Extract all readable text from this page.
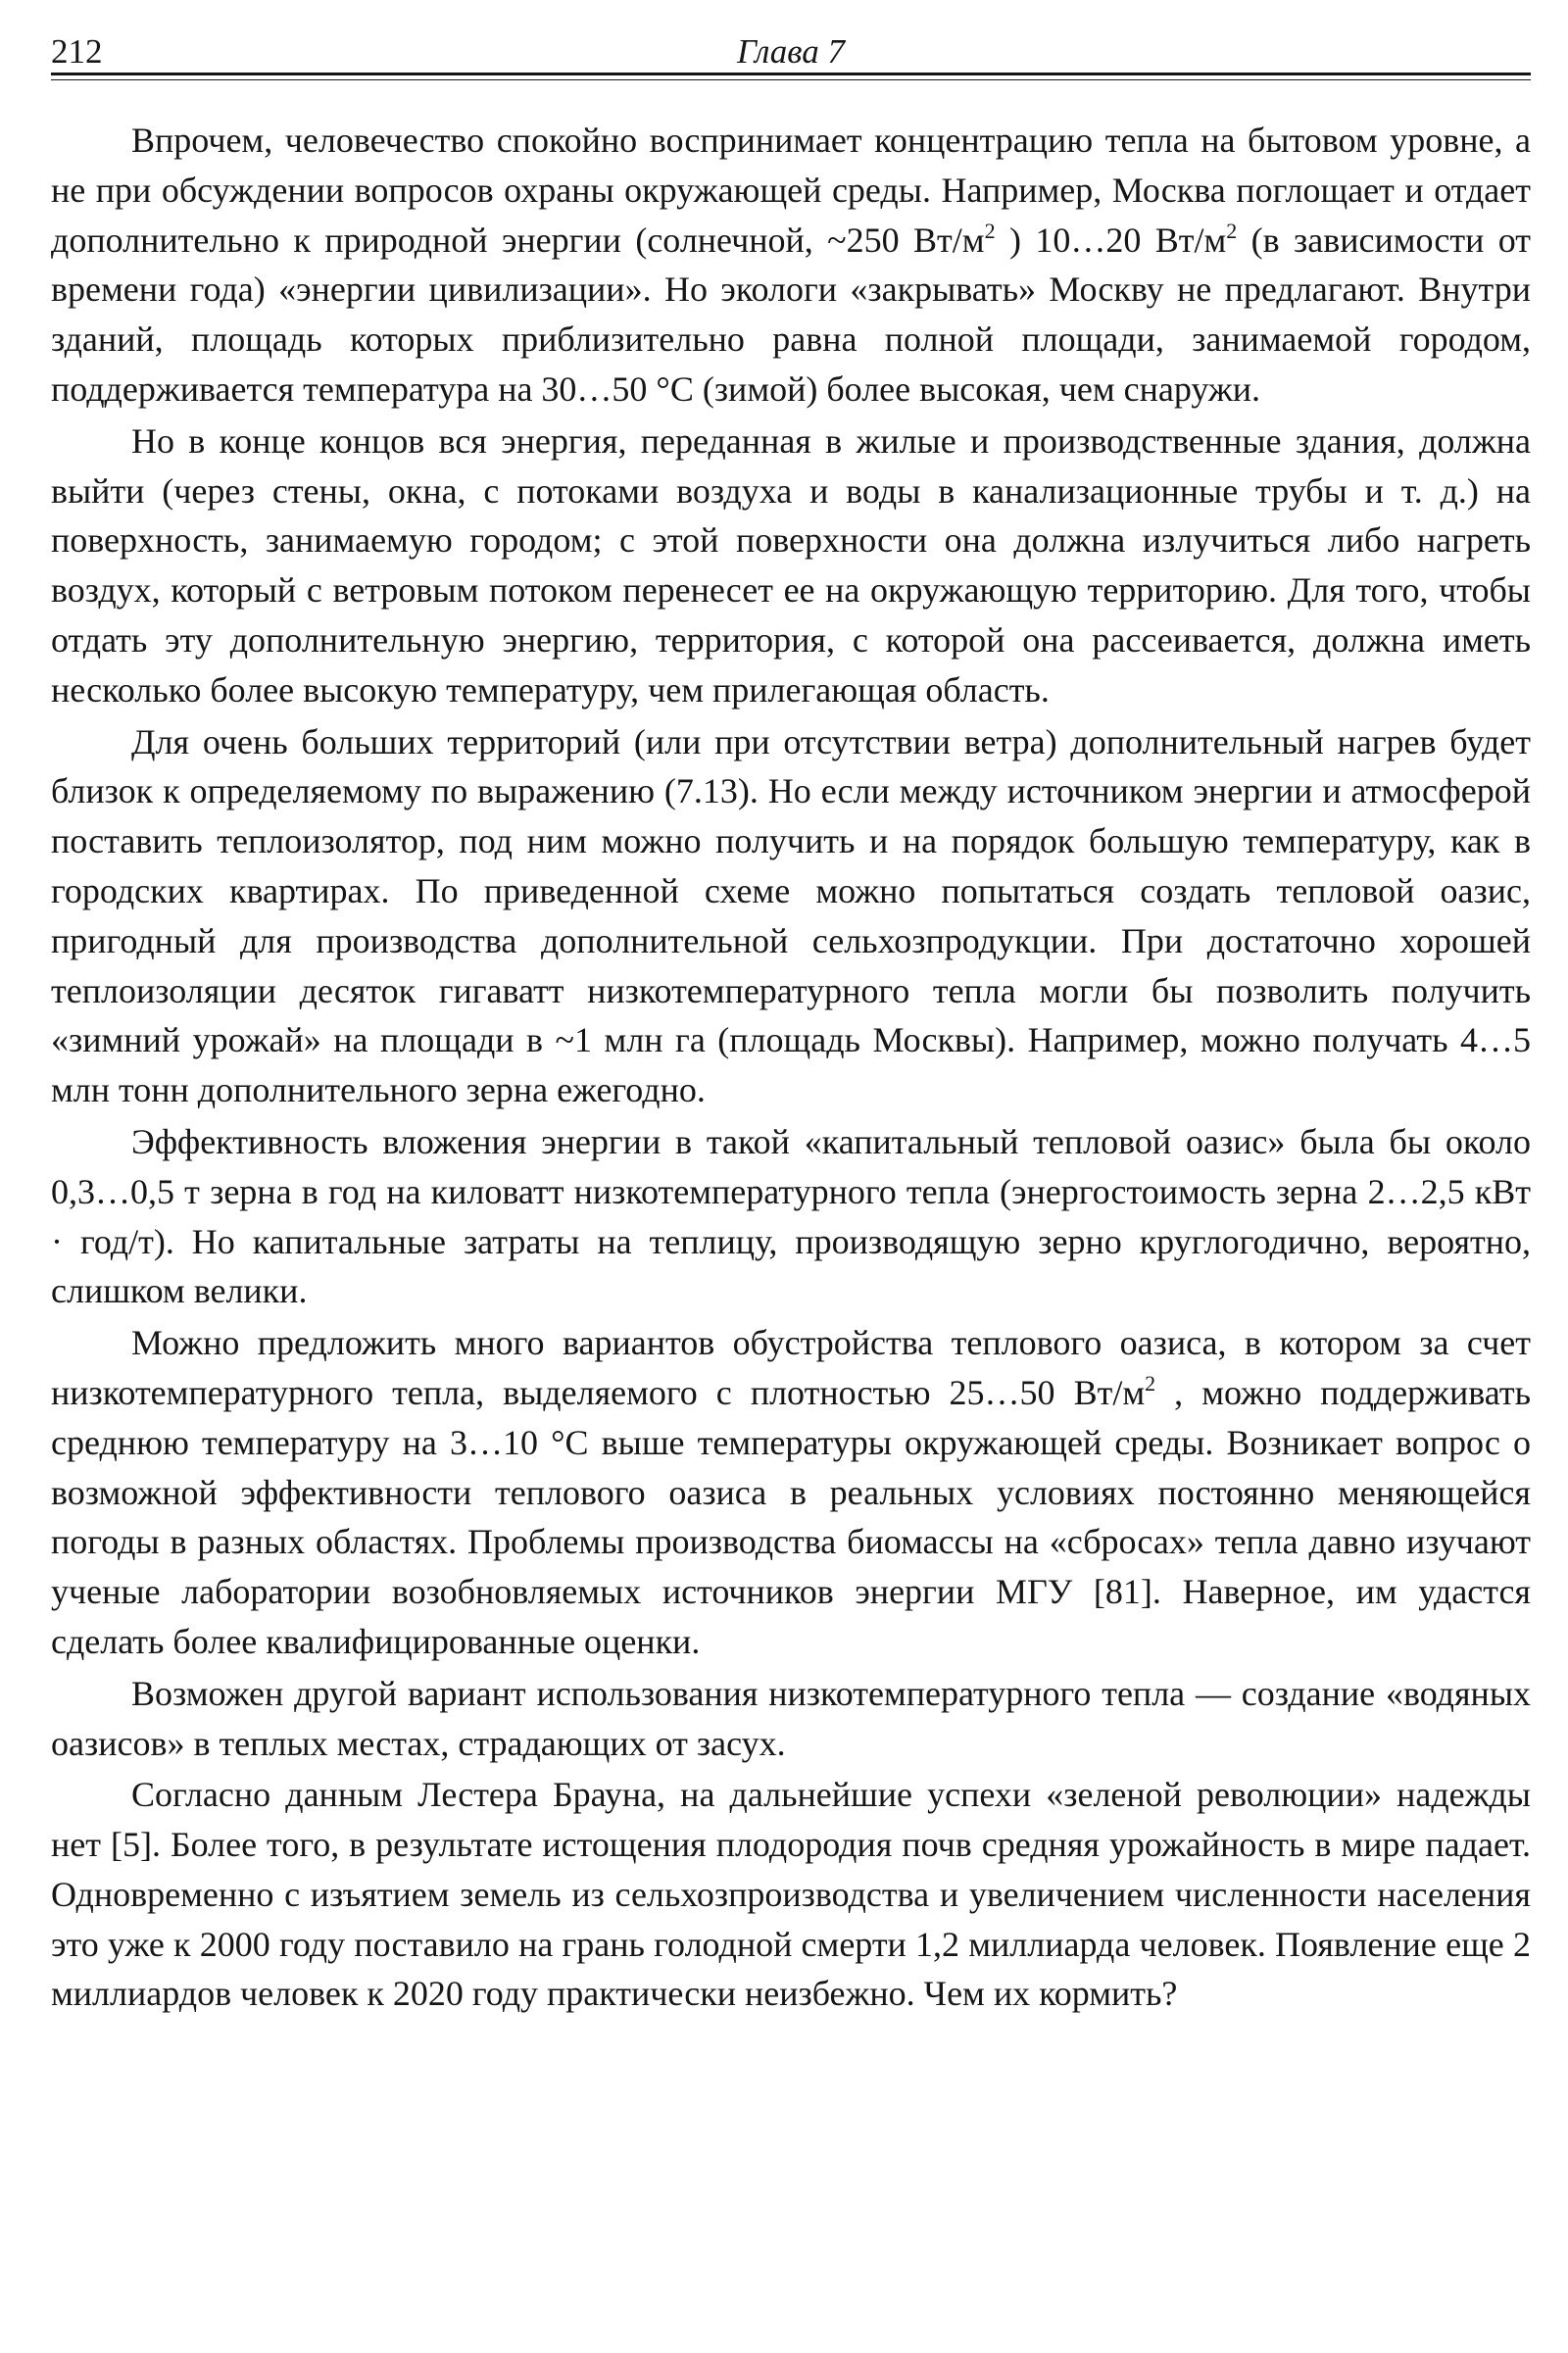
212	Глава 7

Впрочем, человечество спокойно воспринимает концентрацию тепла на бытовом уровне, а не при обсуждении вопросов охраны окружающей среды. Например, Москва поглощает и отдает дополнительно к природной энергии (солнечной, ~250 $Вт/м^2$ ) 10…20 $Вт/м^2$ (в зависимости от времени года) «энергии цивилизации». Но экологи «закрывать» Москву не предлагают. Внутри зданий, площадь которых приблизительно равна полной площади, занимаемой городом, поддерживается температура на 30…50 °С (зимой) более высокая, чем снаружи.

Но в конце концов вся энергия, переданная в жилые и производственные здания, должна выйти (через стены, окна, с потоками воздуха и воды в канализационные трубы и т. д.) на поверхность, занимаемую городом; с этой поверхности она должна излучиться либо нагреть воздух, который с ветровым потоком перенесет ее на окружающую территорию. Для того, чтобы отдать эту дополнительную энергию, территория, с которой она рассеивается, должна иметь несколько более высокую температуру, чем прилегающая область.

Для очень больших территорий (или при отсутствии ветра) дополнительный нагрев будет близок к определяемому по выражению (7.13). Но если между источником энергии и атмосферой поставить теплоизолятор, под ним можно получить и на порядок большую температуру, как в городских квартирах. По приведенной схеме можно попытаться создать тепловой оазис, пригодный для производства дополнительной сельхозпродукции. При достаточно хорошей теплоизоляции десяток гигаватт низкотемпературного тепла могли бы позволить получить «зимний урожай» на площади в ~1 млн га (площадь Москвы). Например, можно получать 4…5 млн тонн дополнительного зерна ежегодно.

Эффективность вложения энергии в такой «капитальный тепловой оазис» была бы около 0,3…0,5 т зерна в год на киловатт низкотемпературного тепла (энергостоимость зерна 2…2,5 кВт · год/т). Но капитальные затраты на теплицу, производящую зерно круглогодично, вероятно, слишком велики.

Можно предложить много вариантов обустройства теплового оазиса, в котором за счет низкотемпературного тепла, выделяемого с плотностью 25…50 $Вт/м^2$ , можно поддерживать среднюю температуру на 3…10 °С выше температуры окружающей среды. Возникает вопрос о возможной эффективности теплового оазиса в реальных условиях постоянно меняющейся погоды в разных областях. Проблемы производства биомассы на «сбросах» тепла давно изучают ученые лаборатории возобновляемых источников энергии МГУ [81]. Наверное, им удастся сделать более квалифицированные оценки.

Возможен другой вариант использования низкотемпературного тепла — создание «водяных оазисов» в теплых местах, страдающих от засух.

Согласно данным Лестера Брауна, на дальнейшие успехи «зеленой революции» надежды нет [5]. Более того, в результате истощения плодородия почв средняя урожайность в мире падает. Одновременно с изъятием земель из сельхозпроизводства и увеличением численности населения это уже к 2000 году поставило на грань голодной смерти 1,2 миллиарда человек. Появление еще 2 миллиардов человек к 2020 году практически неизбежно. Чем их кормить?
